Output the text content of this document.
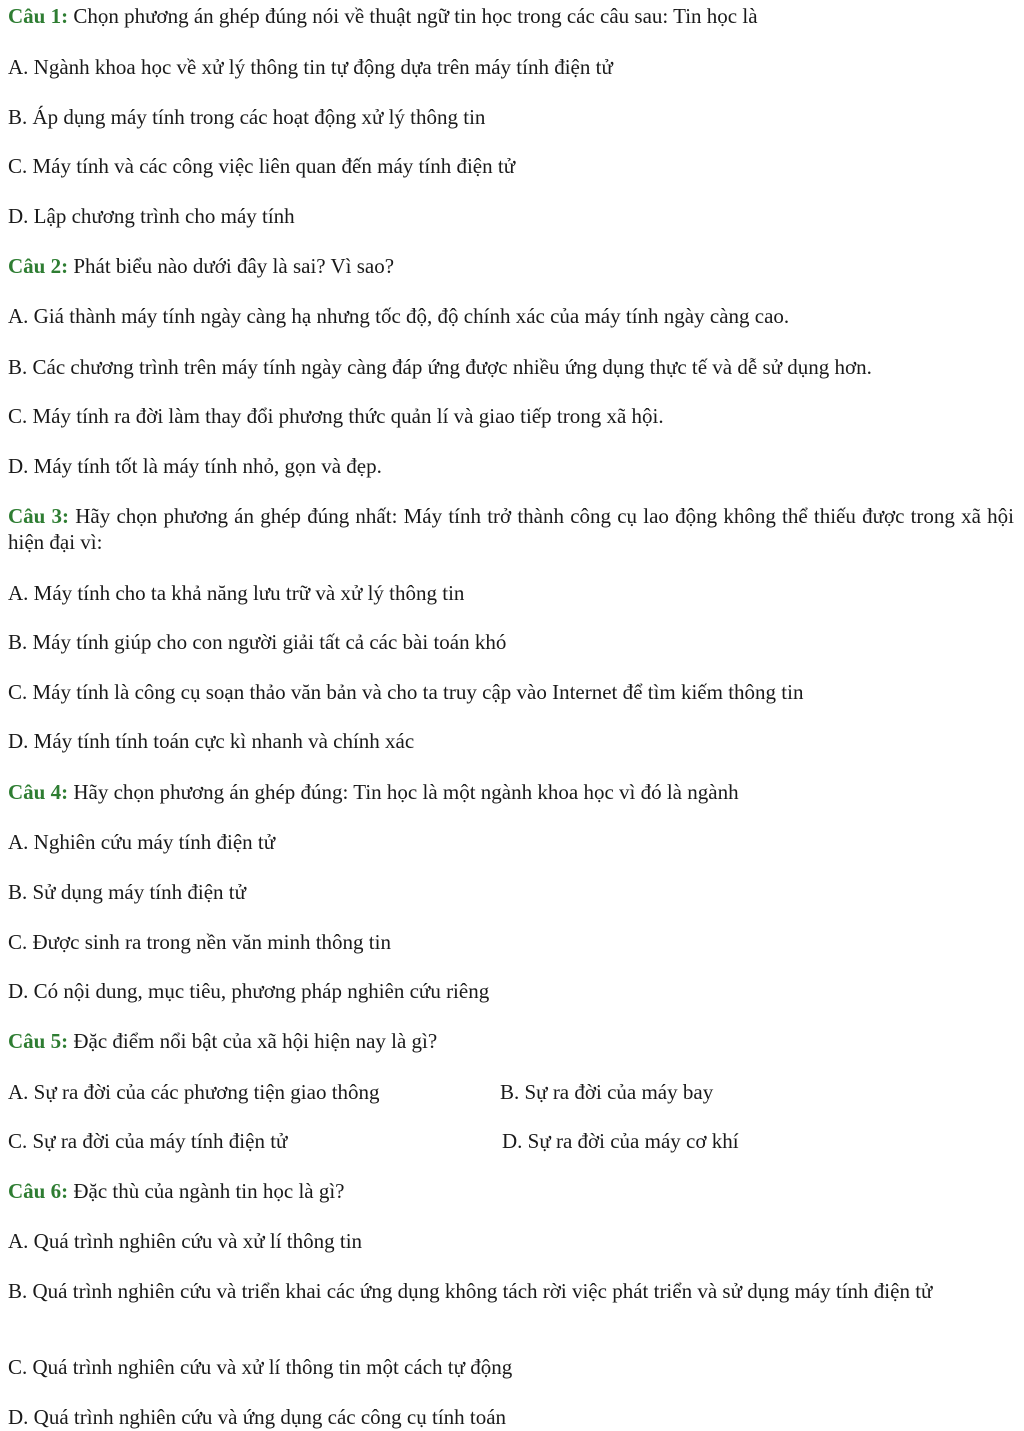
Câu 1: Chọn phương án ghép đúng nói về thuật ngữ tin học trong các câu sau: Tin học là
A. Ngành khoa học về xử lý thông tin tự động dựa trên máy tính điện tử
B. Áp dụng máy tính trong các hoạt động xử lý thông tin
C. Máy tính và các công việc liên quan đến máy tính điện tử
D. Lập chương trình cho máy tính
Câu 2: Phát biểu nào dưới đây là sai? Vì sao?
A. Giá thành máy tính ngày càng hạ nhưng tốc độ, độ chính xác của máy tính ngày càng cao.
B. Các chương trình trên máy tính ngày càng đáp ứng được nhiều ứng dụng thực tế và dễ sử dụng hơn.
C. Máy tính ra đời làm thay đổi phương thức quản lí và giao tiếp trong xã hội.
D. Máy tính tốt là máy tính nhỏ, gọn và đẹp.
Câu 3: Hãy chọn phương án ghép đúng nhất: Máy tính trở thành công cụ lao động không thể thiếu được trong xã hội hiện đại vì:
A. Máy tính cho ta khả năng lưu trữ và xử lý thông tin
B. Máy tính giúp cho con người giải tất cả các bài toán khó
C. Máy tính là công cụ soạn thảo văn bản và cho ta truy cập vào Internet để tìm kiếm thông tin
D. Máy tính tính toán cực kì nhanh và chính xác
Câu 4: Hãy chọn phương án ghép đúng: Tin học là một ngành khoa học vì đó là ngành
A. Nghiên cứu máy tính điện tử
B. Sử dụng máy tính điện tử
C. Được sinh ra trong nền văn minh thông tin
D. Có nội dung, mục tiêu, phương pháp nghiên cứu riêng
Câu 5: Đặc điểm nổi bật của xã hội hiện nay là gì?
A. Sự ra đời của các phương tiện giao thông	B. Sự ra đời của máy bay
C. Sự ra đời của máy tính điện tử	D. Sự ra đời của máy cơ khí
Câu 6: Đặc thù của ngành tin học là gì?
A. Quá trình nghiên cứu và xử lí thông tin
B. Quá trình nghiên cứu và triển khai các ứng dụng không tách rời việc phát triển và sử dụng máy tính điện tử
C. Quá trình nghiên cứu và xử lí thông tin một cách tự động
D. Quá trình nghiên cứu và ứng dụng các công cụ tính toán
